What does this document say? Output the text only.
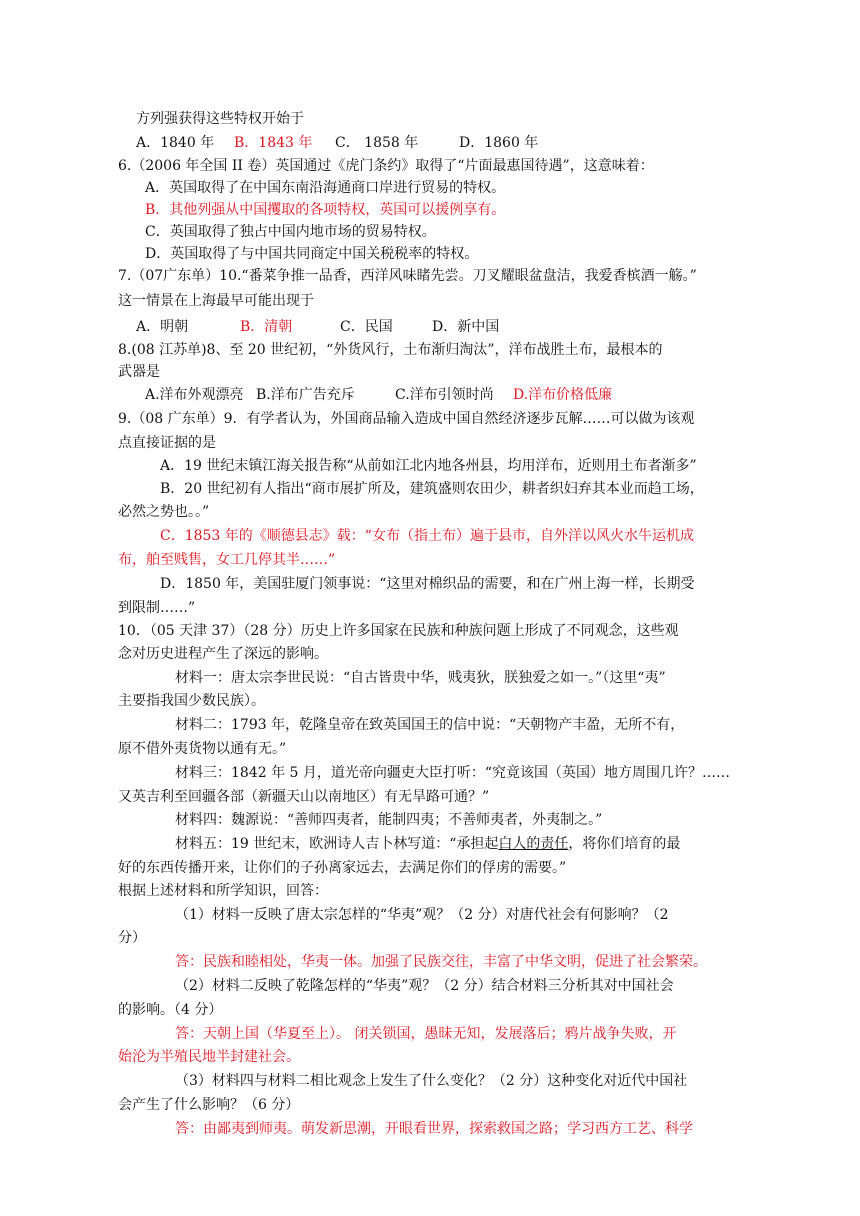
方列强获得这些特权开始于
A．1840 年 B．1843 年 C． 1858 年	D．1860 年
6.（2006 年全国 II 卷）英国通过《虎门条约》取得了“片面最惠国待遇”，这意味着：
A．英国取得了在中国东南沿海通商口岸进行贸易的特权。
B．其他列强从中国攫取的各项特权，英国可以援例享有。
C．英国取得了独占中国内地市场的贸易特权。
D．英国取得了与中国共同商定中国关税税率的特权。
7.（07广东单）10.“番菜争推一品香，西洋风味睹先尝。刀叉耀眼盆盘洁，我爱香槟酒一觞。”
这一情景在上海最早可能出现于
A．明朝	B．清朝	C．民国	D．新中国
8.(08 江苏单)8、至 20 世纪初，“外货风行，土布渐归淘汰”，洋布战胜土布，最根本的
武器是
A.洋布外观漂亮 B.洋布广告充斥	C.洋布引领时尚 D.洋布价格低廉
9.（08 广东单）9．有学者认为，外国商品输入造成中国自然经济逐步瓦解……可以做为该观
点直接证据的是
A．19 世纪末镇江海关报告称“从前如江北内地各州县，均用洋布，近则用土布者渐多”
B．20 世纪初有人指出“商市展扩所及，建筑盛则农田少，耕者织妇弃其本业而趋工场，
必然之势也。。”
C．1853 年的《顺德县志》载：“女布（指土布）遍于县市，自外洋以风火水牛运机成
布，舶至贱售，女工几停其半……”
D．1850 年，美国驻厦门领事说：“这里对棉织品的需要，和在广州上海一样，长期受
到限制……”
10．（05 天津 37）（28 分）历史上许多国家在民族和种族问题上形成了不同观念，这些观
念对历史进程产生了深远的影响。
材料一：唐太宗李世民说：“自古皆贵中华，贱夷狄，朕独爱之如一。”（这里“夷”
主要指我国少数民族）。
材料二：1793 年，乾隆皇帝在致英国国王的信中说：“天朝物产丰盈，无所不有，
原不借外夷货物以通有无。”
材料三：1842 年 5 月，道光帝向疆吏大臣打听：“究竟该国（英国）地方周围几许？……
又英吉利至回疆各部（新疆天山以南地区）有无旱路可通？”
材料四：魏源说：“善师四夷者，能制四夷；不善师夷者，外夷制之。”
材料五：19 世纪末，欧洲诗人吉卜林写道：“承担起白人的责任，将你们培育的最
好的东西传播开来，让你们的子孙离家远去，去满足你们的俘虏的需要。”
根据上述材料和所学知识，回答：
（1）材料一反映了唐太宗怎样的“华夷”观？（2 分）对唐代社会有何影响？（2
分）
答：民族和睦相处，华夷一体。加强了民族交往，丰富了中华文明，促进了社会繁荣。
（2）材料二反映了乾隆怎样的“华夷”观？（2 分）结合材料三分析其对中国社会
的影响。（4 分）
答：天朝上国（华夏至上）。 闭关锁国，愚昧无知，发展落后；鸦片战争失败，开
始沦为半殖民地半封建社会。
（3）材料四与材料二相比观念上发生了什么变化？（2 分）这种变化对近代中国社
会产生了什么影响？（6 分）
答：由鄙夷到师夷。萌发新思潮，开眼看世界，探索救国之路；学习西方工艺、科学
